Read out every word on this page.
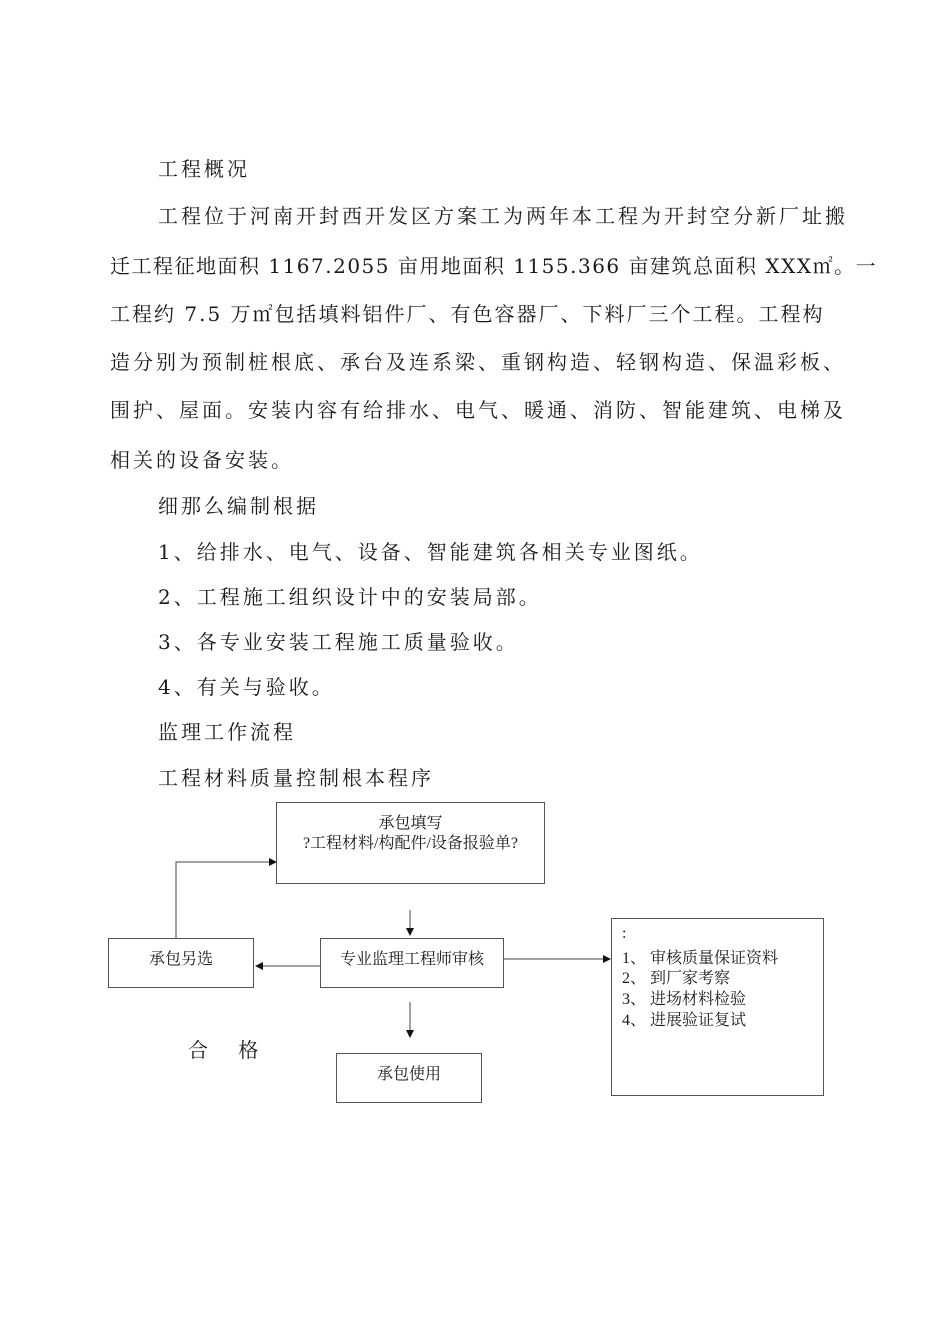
工程概况
工程位于河南开封西开发区方案工为两年本工程为开封空分新厂址搬
迁工程征地面积 1167.2055 亩用地面积 1155.366 亩建筑总面积 XXX㎡。一
工程约 7.5 万㎡包括填料铝件厂、有色容器厂、下料厂三个工程。工程构
造分别为预制桩根底、承台及连系梁、重钢构造、轻钢构造、保温彩板、
围护、屋面。安装内容有给排水、电气、暖通、消防、智能建筑、电梯及
相关的设备安装。
细那么编制根据
1、给排水、电气、设备、智能建筑各相关专业图纸。
2、工程施工组织设计中的安装局部。
3、各专业安装工程施工质量验收。
4、有关与验收。
监理工作流程
工程材料质量控制根本程序
承包填写
?工程材料/构配件/设备报验单?
专业监理工程师审核
承包另选
承包使用
:
1、 审核质量保证资料
2、 到厂家考察
3、 进场材料检验
4、 进展验证复试
合 格
